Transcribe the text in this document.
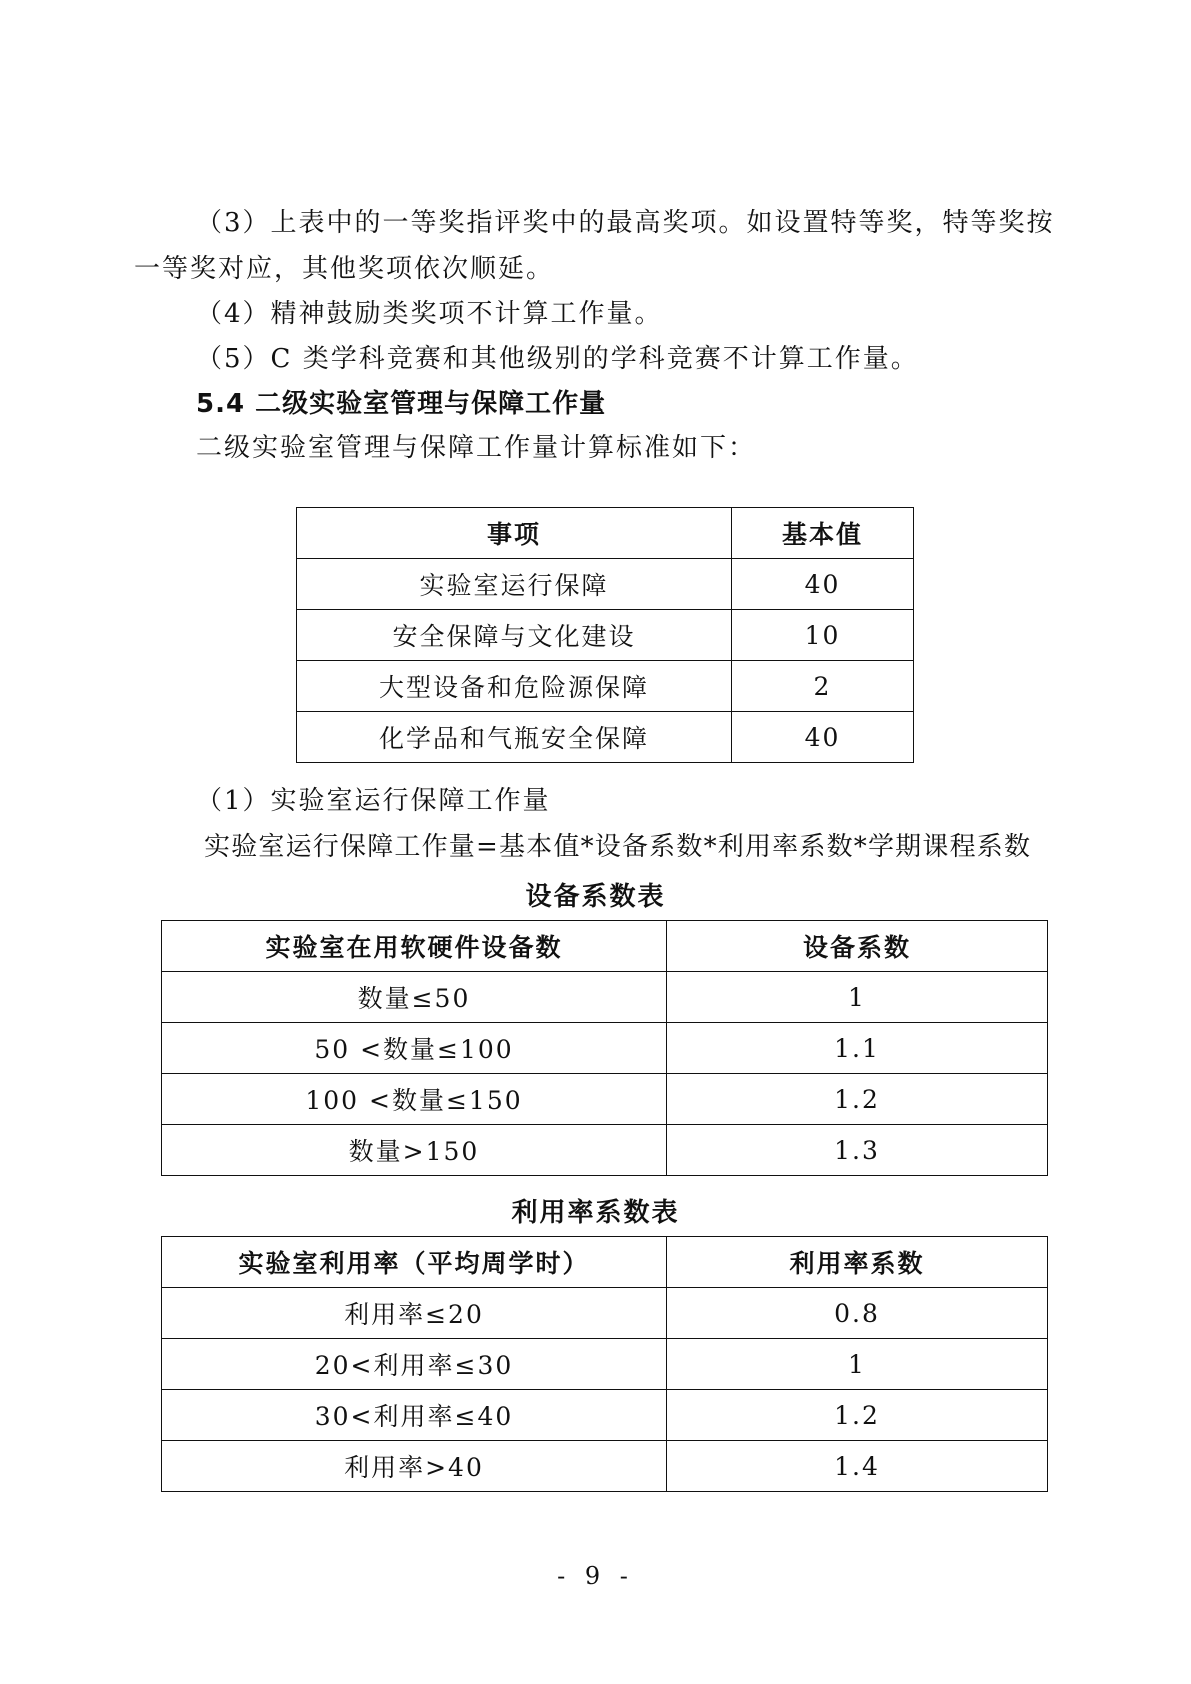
（3）上表中的一等奖指评奖中的最高奖项。如设置特等奖，特等奖按
一等奖对应，其他奖项依次顺延。
（4）精神鼓励类奖项不计算工作量。
（5）C 类学科竞赛和其他级别的学科竞赛不计算工作量。
5.4 二级实验室管理与保障工作量
二级实验室管理与保障工作量计算标准如下：
事项	基本值
实验室运行保障	40
安全保障与文化建设	10
大型设备和危险源保障	2
化学品和气瓶安全保障	40
（1）实验室运行保障工作量
实验室运行保障工作量=基本值*设备系数*利用率系数*学期课程系数
设备系数表
实验室在用软硬件设备数	设备系数
数量≤50	1
50 <数量≤100	1.1
100 <数量≤150	1.2
数量>150	1.3
利用率系数表
实验室利用率（平均周学时）	利用率系数
利用率≤20	0.8
20<利用率≤30	1
30<利用率≤40	1.2
利用率>40	1.4
- 9 -
